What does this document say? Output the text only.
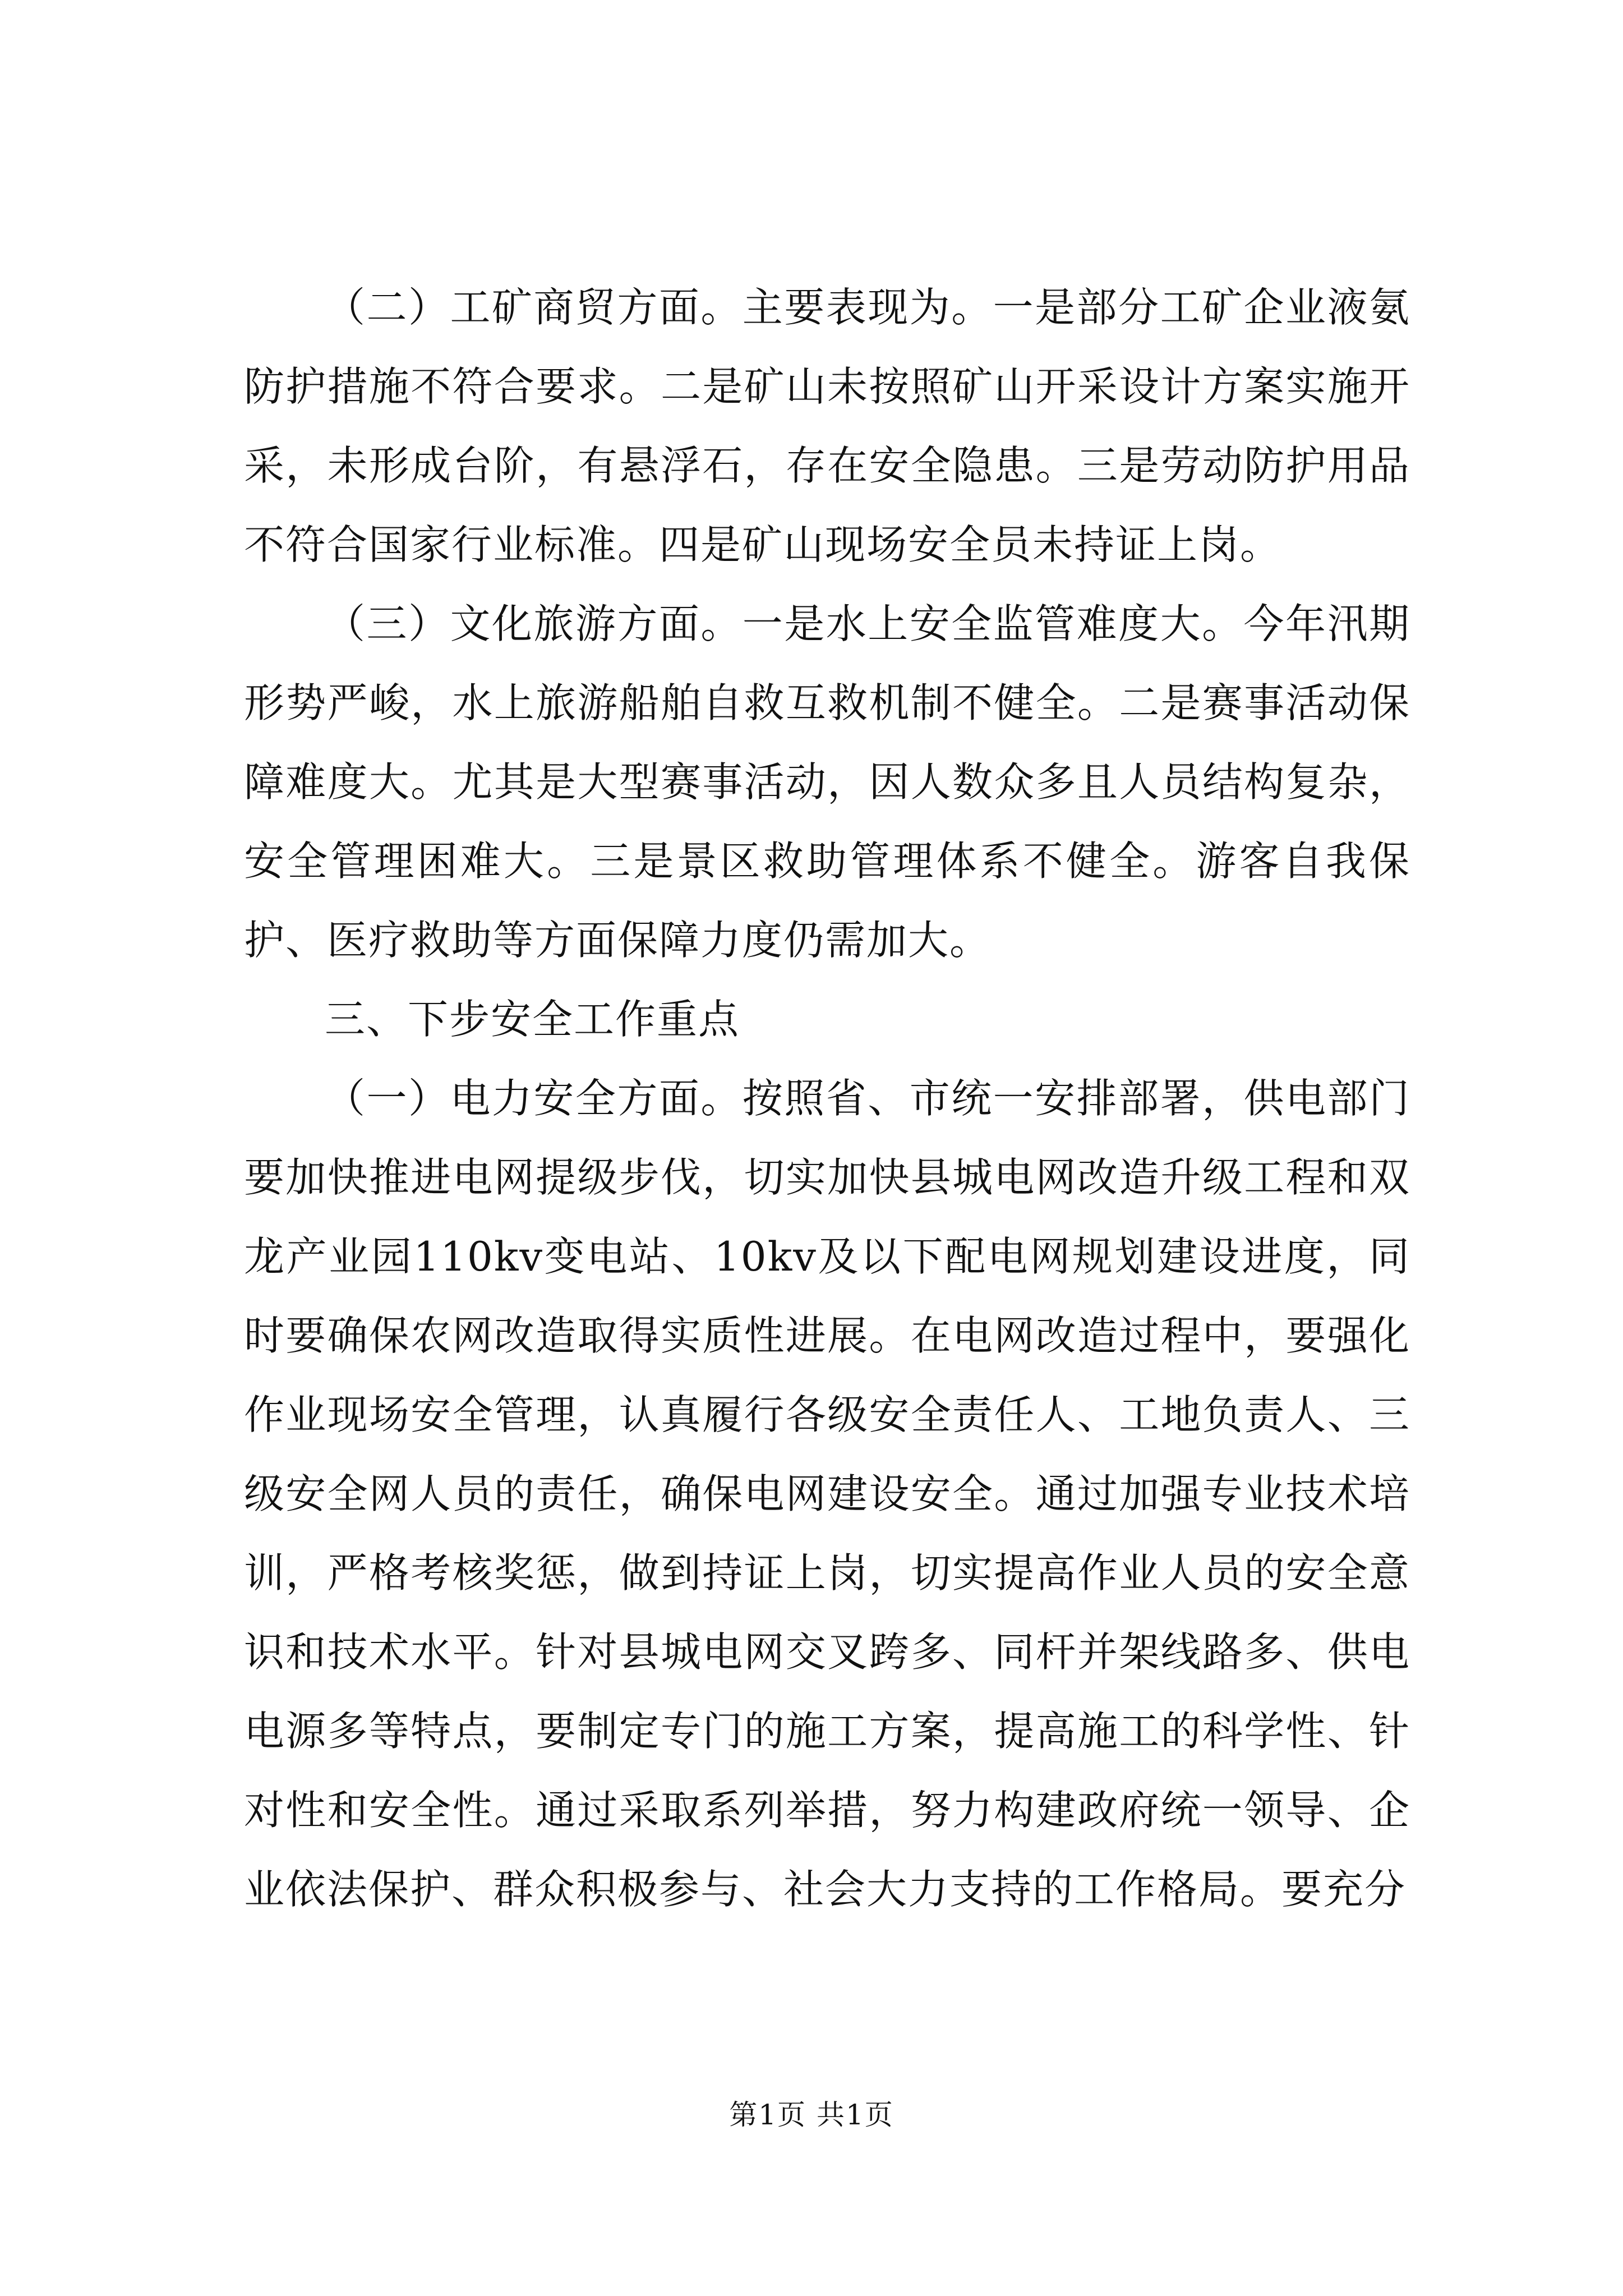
（二）工矿商贸方面。主要表现为。一是部分工矿企业液氨防护措施不符合要求。二是矿山未按照矿山开采设计方案实施开采，未形成台阶，有悬浮石，存在安全隐患。三是劳动防护用品不符合国家行业标准。四是矿山现场安全员未持证上岗。

（三）文化旅游方面。一是水上安全监管难度大。今年汛期形势严峻，水上旅游船舶自救互救机制不健全。二是赛事活动保障难度大。尤其是大型赛事活动，因人数众多且人员结构复杂，安全管理困难大。三是景区救助管理体系不健全。游客自我保护、医疗救助等方面保障力度仍需加大。

三、下步安全工作重点

（一）电力安全方面。按照省、市统一安排部署，供电部门要加快推进电网提级步伐，切实加快县城电网改造升级工程和双龙产业园110kv变电站、10kv及以下配电网规划建设进度，同时要确保农网改造取得实质性进展。在电网改造过程中，要强化作业现场安全管理，认真履行各级安全责任人、工地负责人、三级安全网人员的责任，确保电网建设安全。通过加强专业技术培训，严格考核奖惩，做到持证上岗，切实提高作业人员的安全意识和技术水平。针对县城电网交叉跨多、同杆并架线路多、供电电源多等特点，要制定专门的施工方案，提高施工的科学性、针对性和安全性。通过采取系列举措，努力构建政府统一领导、企业依法保护、群众积极参与、社会大力支持的工作格局。要充分

第1页 共1页
